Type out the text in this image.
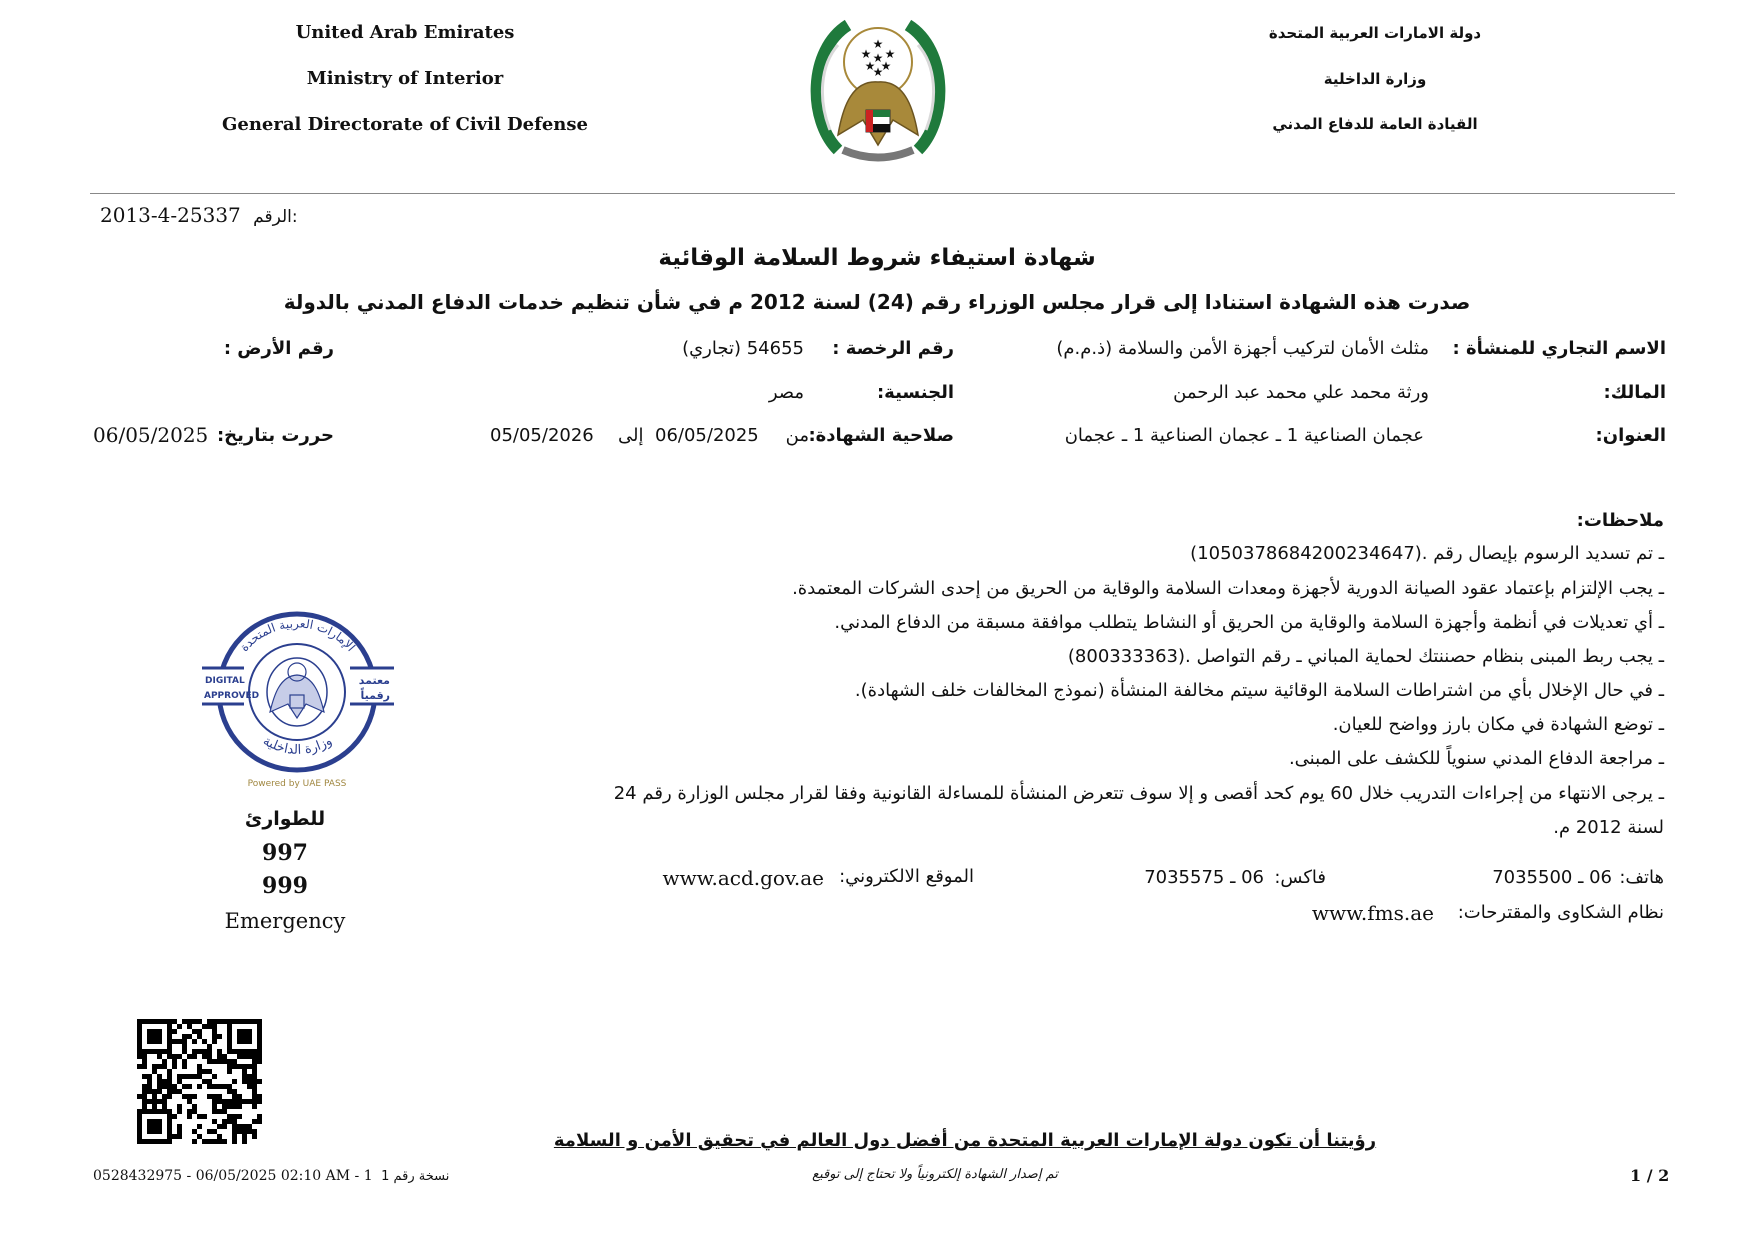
United Arab Emirates
Ministry of Interior
General Directorate of Civil Defense
دولة الامارات العربية المتحدة
وزارة الداخلية
القيادة العامة للدفاع المدني
★
★ ★
★ ★
★
★
2013-4-25337 الرقم:
شهادة استيفاء شروط السلامة الوقائية
صدرت هذه الشهادة استنادا إلى قرار مجلس الوزراء رقم (24) لسنة 2012 م في شأن تنظيم خدمات الدفاع المدني بالدولة
الاسم التجاري للمنشأة :
مثلث الأمان لتركيب أجهزة الأمن والسلامة (ذ.م.م)
رقم الرخصة :
54655 (تجاري)
رقم الأرض :
المالك:
ورثة محمد علي محمد عبد الرحمن
الجنسية:
مصر
العنوان:
عجمان الصناعية 1 ـ عجمان الصناعية 1 ـ عجمان
صلاحية الشهادة:
من
06/05/2025
إلى
05/05/2026
حررت بتاريخ:
06/05/2025
ملاحظات:
ـ تم تسديد الرسوم بإيصال رقم .(1050378684200234647)
ـ يجب الإلتزام بإعتماد عقود الصيانة الدورية لأجهزة ومعدات السلامة والوقاية من الحريق من إحدى الشركات المعتمدة.
ـ أي تعديلات في أنظمة وأجهزة السلامة والوقاية من الحريق أو النشاط يتطلب موافقة مسبقة من الدفاع المدني.
ـ يجب ربط المبنى بنظام حصننتك لحماية المباني ـ رقم التواصل .(800333363)
ـ في حال الإخلال بأي من اشتراطات السلامة الوقائية سيتم مخالفة المنشأة (نموذج المخالفات خلف الشهادة).
ـ توضع الشهادة في مكان بارز وواضح للعيان.
ـ مراجعة الدفاع المدني سنوياً للكشف على المبنى.
ـ يرجى الانتهاء من إجراءات التدريب خلال 60 يوم كحد أقصى و إلا سوف تتعرض المنشأة للمساءلة القانونية وفقا لقرار مجلس الوزارة رقم 24
لسنة 2012 م.
هاتف:
06 ـ 7035500
فاكس:
06 ـ 7035575
الموقع الالكتروني:
www.acd.gov.ae
نظام الشكاوى والمقترحات:
www.fms.ae
الإمارات العربية المتحدة
وزارة الداخلية
DIGITAL
APPROVED
معتمد
رقمياً
Powered by UAE PASS
للطوارئ
997
999
Emergency
رؤيتنا أن تكون دولة الإمارات العربية المتحدة من أفضل دول العالم في تحقيق الأمن و السلامة
تم إصدار الشهادة إلكترونياً ولا تحتاج إلى توقيع
0528432975 - 06/05/2025 02:10 AM - 1 نسخة رقم 1	2 / 1
